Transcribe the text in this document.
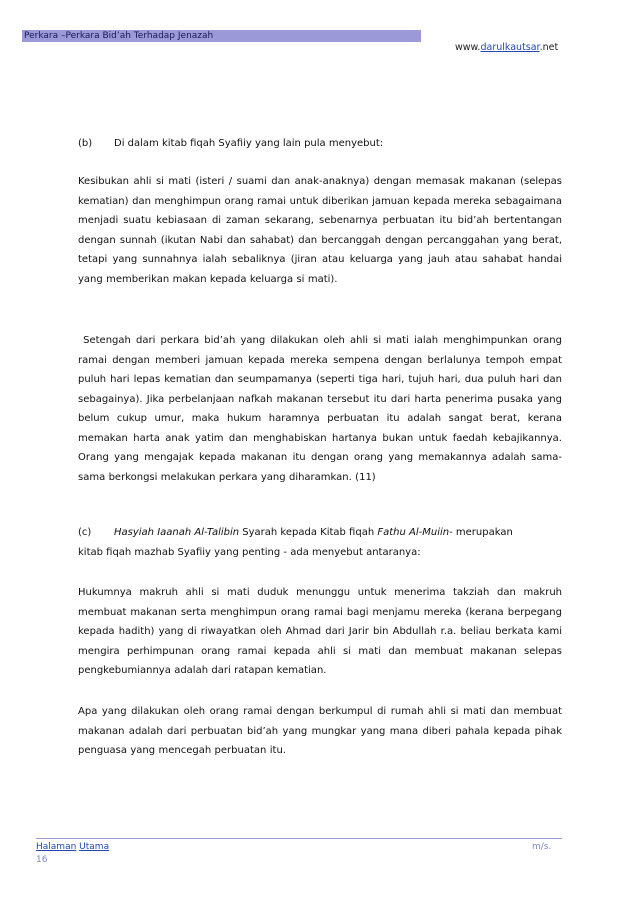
Perkara –Perkara Bid’ah Terhadap Jenazah
www.darulkautsar.net
(b) Di dalam kitab fiqah Syafiiy yang lain pula menyebut:

Kesibukan ahli si mati (isteri / suami dan anak-anaknya) dengan memasak makanan (selepas kematian) dan menghimpun orang ramai untuk diberikan jamuan kepada mereka sebagaimana menjadi suatu kebiasaan di zaman sekarang, sebenarnya perbuatan itu bid’ah bertentangan dengan sunnah (ikutan Nabi dan sahabat) dan bercanggah dengan percanggahan yang berat, tetapi yang sunnahnya ialah sebaliknya (jiran atau keluarga yang jauh atau sahabat handai yang memberikan makan kepada keluarga si mati).

Setengah dari perkara bid’ah yang dilakukan oleh ahli si mati ialah menghimpunkan orang ramai dengan memberi jamuan kepada mereka sempena dengan berlalunya tempoh empat puluh hari lepas kematian dan seumpamanya (seperti tiga hari, tujuh hari, dua puluh hari dan sebagainya). Jika perbelanjaan nafkah makanan tersebut itu dari harta penerima pusaka yang belum cukup umur, maka hukum haramnya perbuatan itu adalah sangat berat, kerana memakan harta anak yatim dan menghabiskan hartanya bukan untuk faedah kebajikannya. Orang yang mengajak kepada makanan itu dengan orang yang memakannya adalah sama-sama berkongsi melakukan perkara yang diharamkan. (11)

(c) Hasyiah Iaanah Al-Talibin Syarah kepada Kitab fiqah Fathu Al-Muiin- merupakan
kitab fiqah mazhab Syafiiy yang penting - ada menyebut antaranya:

Hukumnya makruh ahli si mati duduk menunggu untuk menerima takziah dan makruh membuat makanan serta menghimpun orang ramai bagi menjamu mereka (kerana berpegang kepada hadith) yang di riwayatkan oleh Ahmad dari Jarir bin Abdullah r.a. beliau berkata kami mengira perhimpunan orang ramai kepada ahli si mati dan membuat makanan selepas pengkebumiannya adalah dari ratapan kematian.

Apa yang dilakukan oleh orang ramai dengan berkumpul di rumah ahli si mati dan membuat makanan adalah dari perbuatan bid’ah yang mungkar yang mana diberi pahala kepada pihak penguasa yang mencegah perbuatan itu.

Halaman Utama	m/s.
16
